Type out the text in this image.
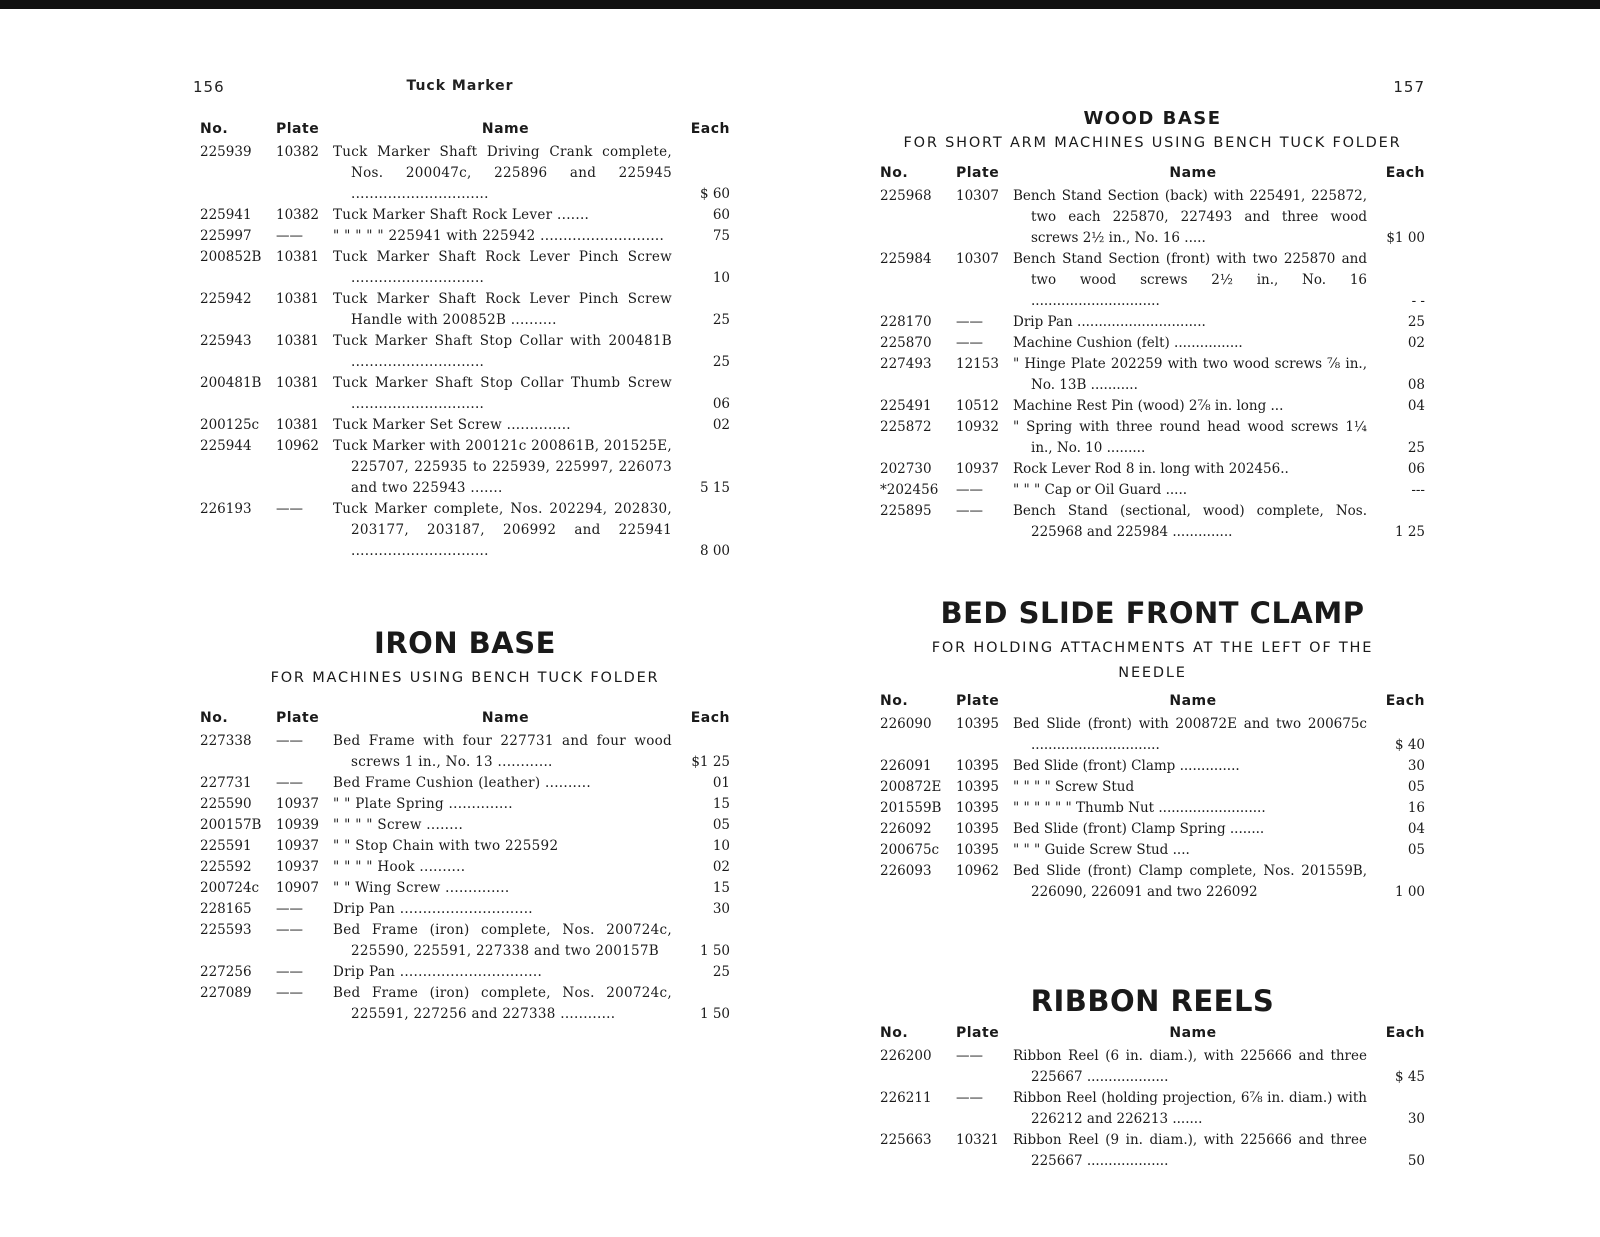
156	Tuck Marker
No.	Plate	Name	Each
225939	10382	Tuck Marker Shaft Driving Crank complete, Nos. 200047c, 225896 and 225945 ..............................	$ 60
225941	10382	Tuck Marker Shaft Rock Lever .......	60
225997	——	" " " " " 225941 with 225942 ...........................	75
200852B	10381	Tuck Marker Shaft Rock Lever Pinch Screw .............................	10
225942	10381	Tuck Marker Shaft Rock Lever Pinch Screw Handle with 200852B ..........	25
225943	10381	Tuck Marker Shaft Stop Collar with 200481B .............................	25
200481B	10381	Tuck Marker Shaft Stop Collar Thumb Screw .............................	06
200125c	10381	Tuck Marker Set Screw ..............	02
225944	10962	Tuck Marker with 200121c 200861B, 201525E, 225707, 225935 to 225939, 225997, 226073 and two 225943 .......	5 15
226193	——	Tuck Marker complete, Nos. 202294, 202830, 203177, 203187, 206992 and 225941 ..............................	8 00
IRON BASE
FOR MACHINES USING BENCH TUCK FOLDER
No.	Plate	Name	Each
227338	——	Bed Frame with four 227731 and four wood screws 1 in., No. 13 ............	$1 25
227731	——	Bed Frame Cushion (leather) ..........	01
225590	10937	" " Plate Spring ..............	15
200157B	10939	" " " " Screw ........	05
225591	10937	" " Stop Chain with two 225592	10
225592	10937	" " " " Hook ..........	02
200724c	10907	" " Wing Screw ..............	15
228165	——	Drip Pan .............................	30
225593	——	Bed Frame (iron) complete, Nos. 200724c, 225590, 225591, 227338 and two 200157B	1 50
227256	——	Drip Pan ...............................	25
227089	——	Bed Frame (iron) complete, Nos. 200724c, 225591, 227256 and 227338 ............	1 50
157
WOOD BASE
FOR SHORT ARM MACHINES USING BENCH TUCK FOLDER
No.	Plate	Name	Each
225968	10307	Bench Stand Section (back) with 225491, 225872, two each 225870, 227493 and three wood screws 2½ in., No. 16 .....	$1 00
225984	10307	Bench Stand Section (front) with two 225870 and two wood screws 2½ in., No. 16 ..............................	- -
228170	——	Drip Pan ..............................	25
225870	——	Machine Cushion (felt) ................	02
227493	12153	" Hinge Plate 202259 with two wood screws ⅞ in., No. 13B ...........	08
225491	10512	Machine Rest Pin (wood) 2⅞ in. long ...	04
225872	10932	" Spring with three round head wood screws 1¼ in., No. 10 .........	25
202730	10937	Rock Lever Rod 8 in. long with 202456..	06
*202456	——	" " " Cap or Oil Guard .....	---
225895	——	Bench Stand (sectional, wood) complete, Nos. 225968 and 225984 ..............	1 25
BED SLIDE FRONT CLAMP
FOR HOLDING ATTACHMENTS AT THE LEFT OF THE NEEDLE
No.	Plate	Name	Each
226090	10395	Bed Slide (front) with 200872E and two 200675c ..............................	$ 40
226091	10395	Bed Slide (front) Clamp ..............	30
200872E	10395	" " " " Screw Stud	05
201559B	10395	" " " " " " Thumb Nut .........................	16
226092	10395	Bed Slide (front) Clamp Spring ........	04
200675c	10395	" " " Guide Screw Stud ....	05
226093	10962	Bed Slide (front) Clamp complete, Nos. 201559B, 226090, 226091 and two 226092	1 00
RIBBON REELS
No.	Plate	Name	Each
226200	——	Ribbon Reel (6 in. diam.), with 225666 and three 225667 ...................	$ 45
226211	——	Ribbon Reel (holding projection, 6⅞ in. diam.) with 226212 and 226213 .......	30
225663	10321	Ribbon Reel (9 in. diam.), with 225666 and three 225667 ...................	50
